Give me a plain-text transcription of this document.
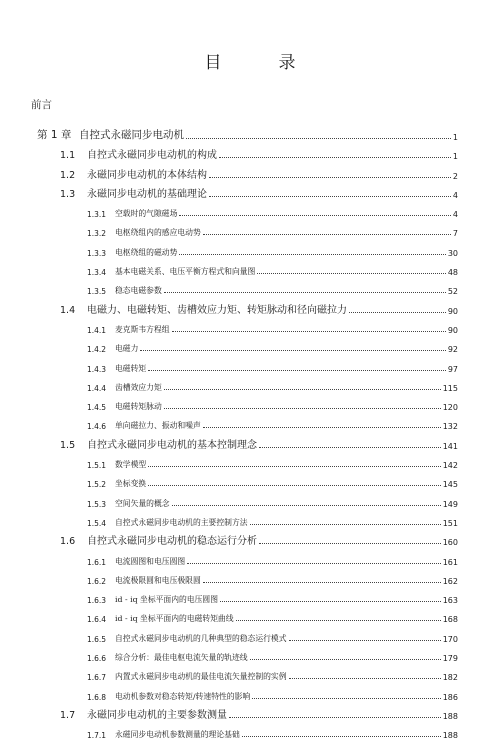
目　录
前言
第 1 章 自控式永磁同步电动机	1
1.1	自控式永磁同步电动机的构成	1
1.2	永磁同步电动机的本体结构	2
1.3	永磁同步电动机的基础理论	4
1.3.1	空载时的气隙磁场	4
1.3.2	电枢绕组内的感应电动势	7
1.3.3	电枢绕组的磁动势	30
1.3.4	基本电磁关系、电压平衡方程式和向量图	48
1.3.5	稳态电磁参数	52
1.4	电磁力、电磁转矩、齿槽效应力矩、转矩脉动和径向磁拉力	90
1.4.1	麦克斯韦方程组	90
1.4.2	电磁力	92
1.4.3	电磁转矩	97
1.4.4	齿槽效应力矩	115
1.4.5	电磁转矩脉动	120
1.4.6	单向磁拉力、振动和噪声	132
1.5	自控式永磁同步电动机的基本控制理念	141
1.5.1	数学模型	142
1.5.2	坐标变换	145
1.5.3	空间矢量的概念	149
1.5.4	自控式永磁同步电动机的主要控制方法	151
1.6	自控式永磁同步电动机的稳态运行分析	160
1.6.1	电流圆图和电压圆图	161
1.6.2	电流极限圆和电压极限圆	162
1.6.3	id - iq 坐标平面内的电压圆图	163
1.6.4	id - iq 坐标平面内的电磁转矩曲线	168
1.6.5	自控式永磁同步电动机的几种典型的稳态运行模式	170
1.6.6	综合分析：最佳电枢电流矢量的轨迹线	179
1.6.7	内置式永磁同步电动机的最佳电流矢量控制的实例	182
1.6.8	电动机参数对稳态转矩/转速特性的影响	186
1.7	永磁同步电动机的主要参数测量	188
1.7.1	永磁同步电动机参数测量的理论基础	188
